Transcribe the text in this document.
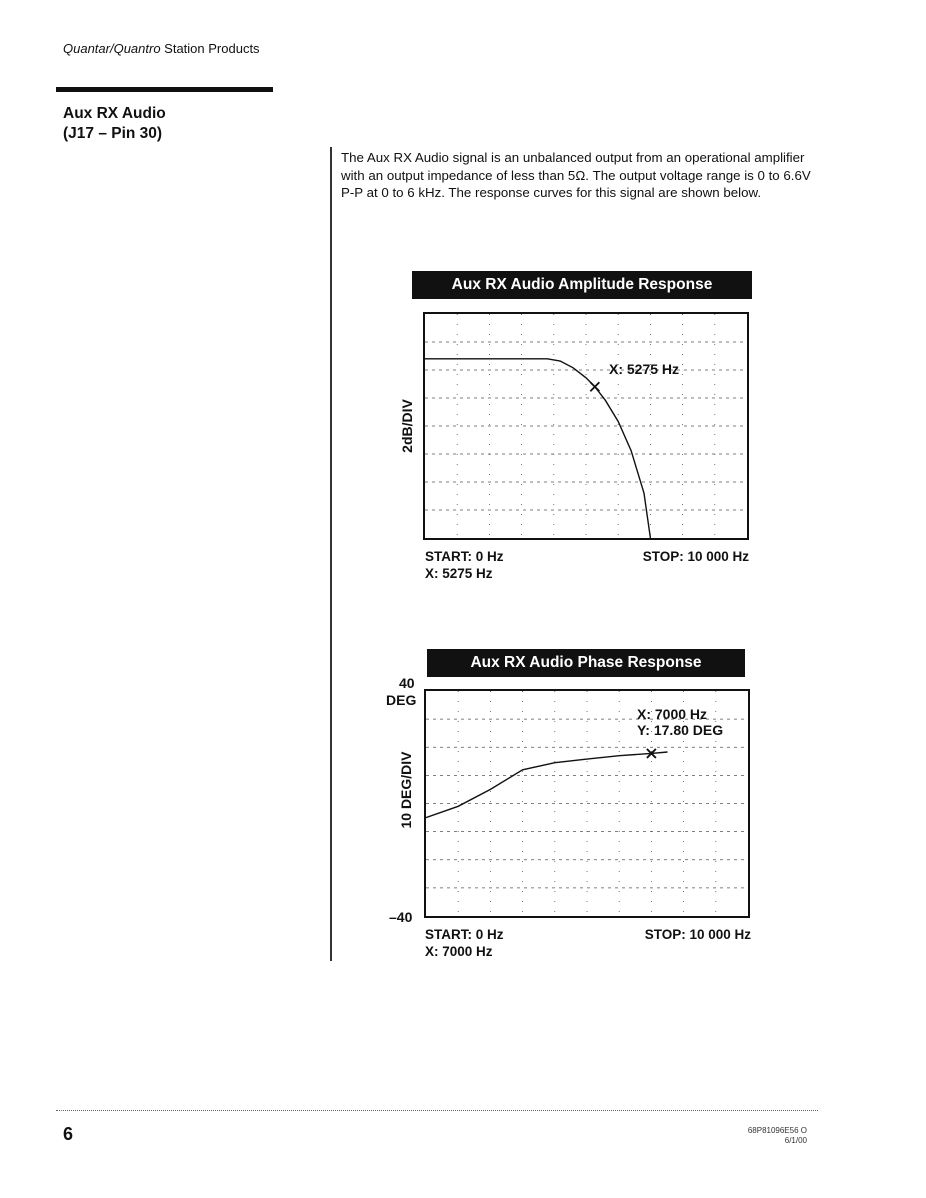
Quantar/Quantro Station Products
Aux RX Audio
(J17 – Pin 30)
The Aux RX Audio signal is an unbalanced output from an operational amplifier with an output impedance of less than 5Ω. The output voltage range is 0 to 6.6V P-P at 0 to 6 kHz. The response curves for this signal are shown below.
Aux RX Audio Amplitude Response
2dB/DIV
X: 5275 Hz
START: 0 Hz
X: 5275 Hz
STOP: 10 000 Hz
Aux RX Audio Phase Response
40
DEG
–40
10 DEG/DIV
X: 7000 Hz
Y: 17.80 DEG
START: 0 Hz
X: 7000 Hz
STOP: 10 000 Hz
6	68P81096E56 O
6/1/00
